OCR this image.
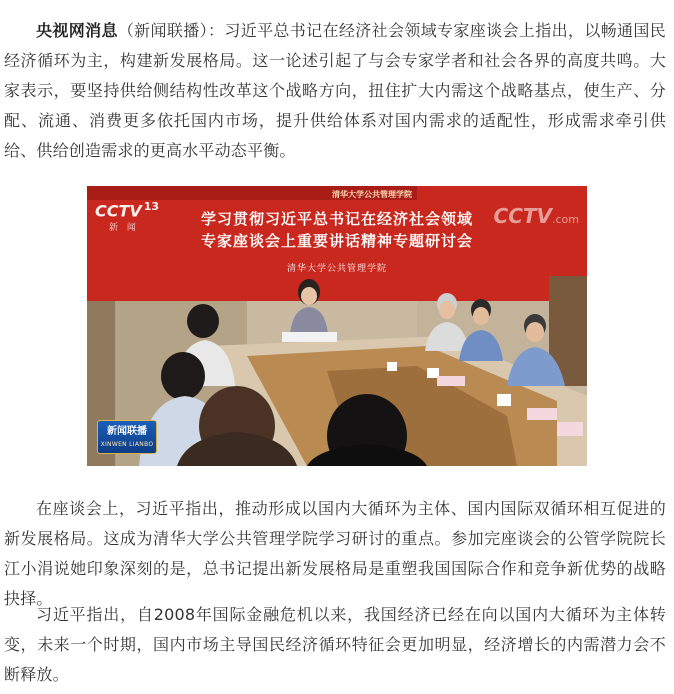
央视网消息（新闻联播）：习近平总书记在经济社会领域专家座谈会上指出，以畅通国民经济循环为主，构建新发展格局。这一论述引起了与会专家学者和社会各界的高度共鸣。大家表示，要坚持供给侧结构性改革这个战略方向，扭住扩大内需这个战略基点，使生产、分配、流通、消费更多依托国内市场，提升供给体系对国内需求的适配性，形成需求牵引供给、供给创造需求的更高水平动态平衡。

清华大学公共管理学院
学习贯彻习近平总书记在经济社会领域
专家座谈会上重要讲话精神专题研讨会
清华大学公共管理学院
CCTV $^{13}$
新 闻	CCTV.com
新闻联播
XINWEN LIANBO

在座谈会上，习近平指出，推动形成以国内大循环为主体、国内国际双循环相互促进的新发展格局。这成为清华大学公共管理学院学习研讨的重点。参加完座谈会的公管学院院长江小涓说她印象深刻的是，总书记提出新发展格局是重塑我国国际合作和竞争新优势的战略抉择。

习近平指出，自2008年国际金融危机以来，我国经济已经在向以国内大循环为主体转变，未来一个时期，国内市场主导国民经济循环特征会更加明显，经济增长的内需潜力会不断释放。
